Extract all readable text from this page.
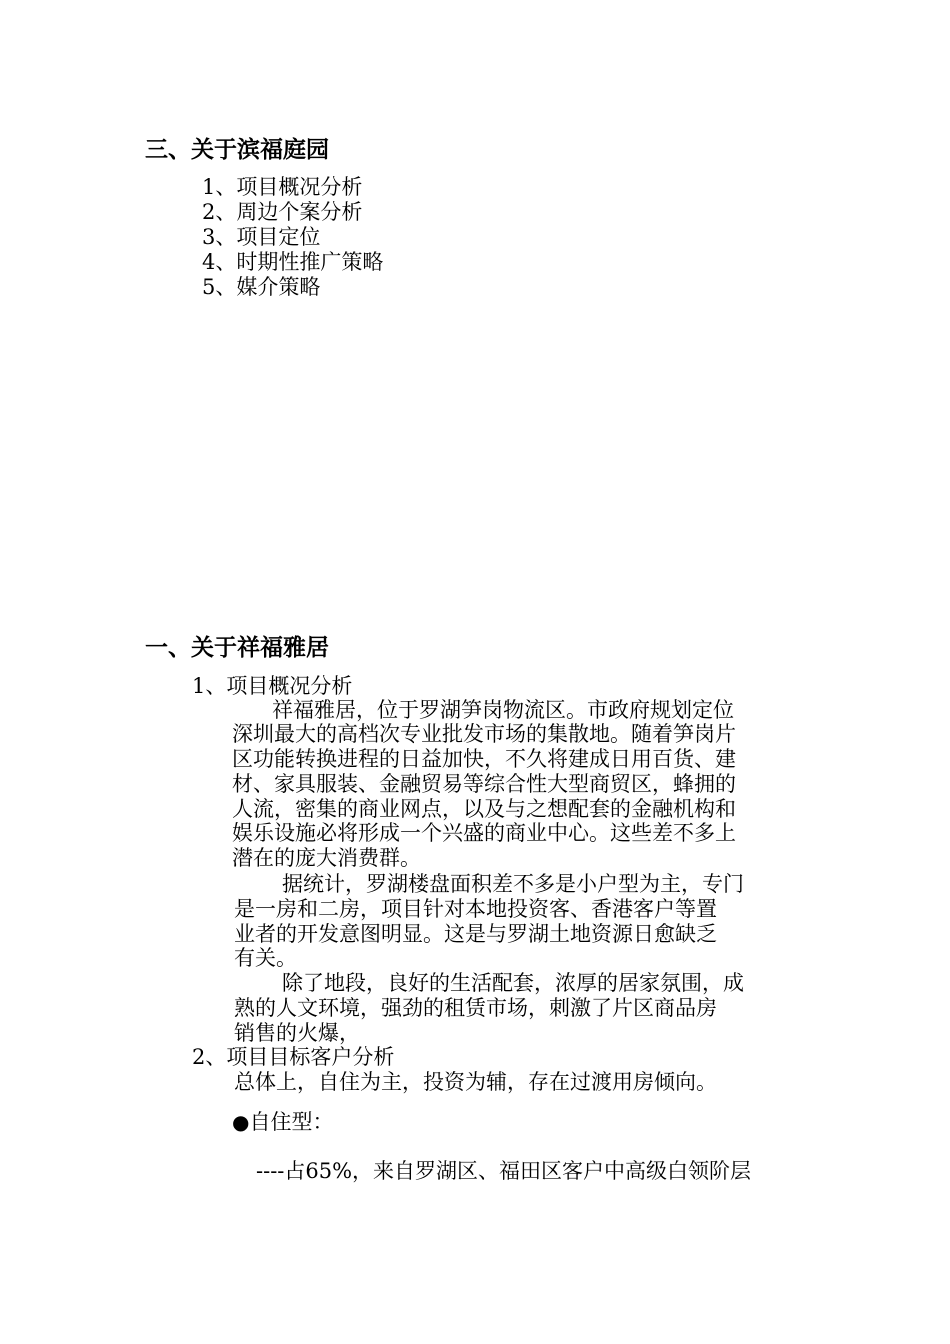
三、关于滨福庭园
1、项目概况分析
2、周边个案分析
3、项目定位
4、时期性推广策略
5、媒介策略
一、关于祥福雅居
1、项目概况分析
祥福雅居，位于罗湖笋岗物流区。市政府规划定位
深圳最大的高档次专业批发市场的集散地。随着笋岗片
区功能转换进程的日益加快，不久将建成日用百货、建
材、家具服装、金融贸易等综合性大型商贸区，蜂拥的
人流，密集的商业网点，以及与之想配套的金融机构和
娱乐设施必将形成一个兴盛的商业中心。这些差不多上
潜在的庞大消费群。
据统计，罗湖楼盘面积差不多是小户型为主，专门
是一房和二房，项目针对本地投资客、香港客户等置
业者的开发意图明显。这是与罗湖土地资源日愈缺乏
有关。
除了地段，良好的生活配套，浓厚的居家氛围，成
熟的人文环境，强劲的租赁市场，刺激了片区商品房
销售的火爆，
2、项目目标客户分析
总体上，自住为主，投资为辅，存在过渡用房倾向。
●自住型：
----占65%，来自罗湖区、福田区客户中高级白领阶层
